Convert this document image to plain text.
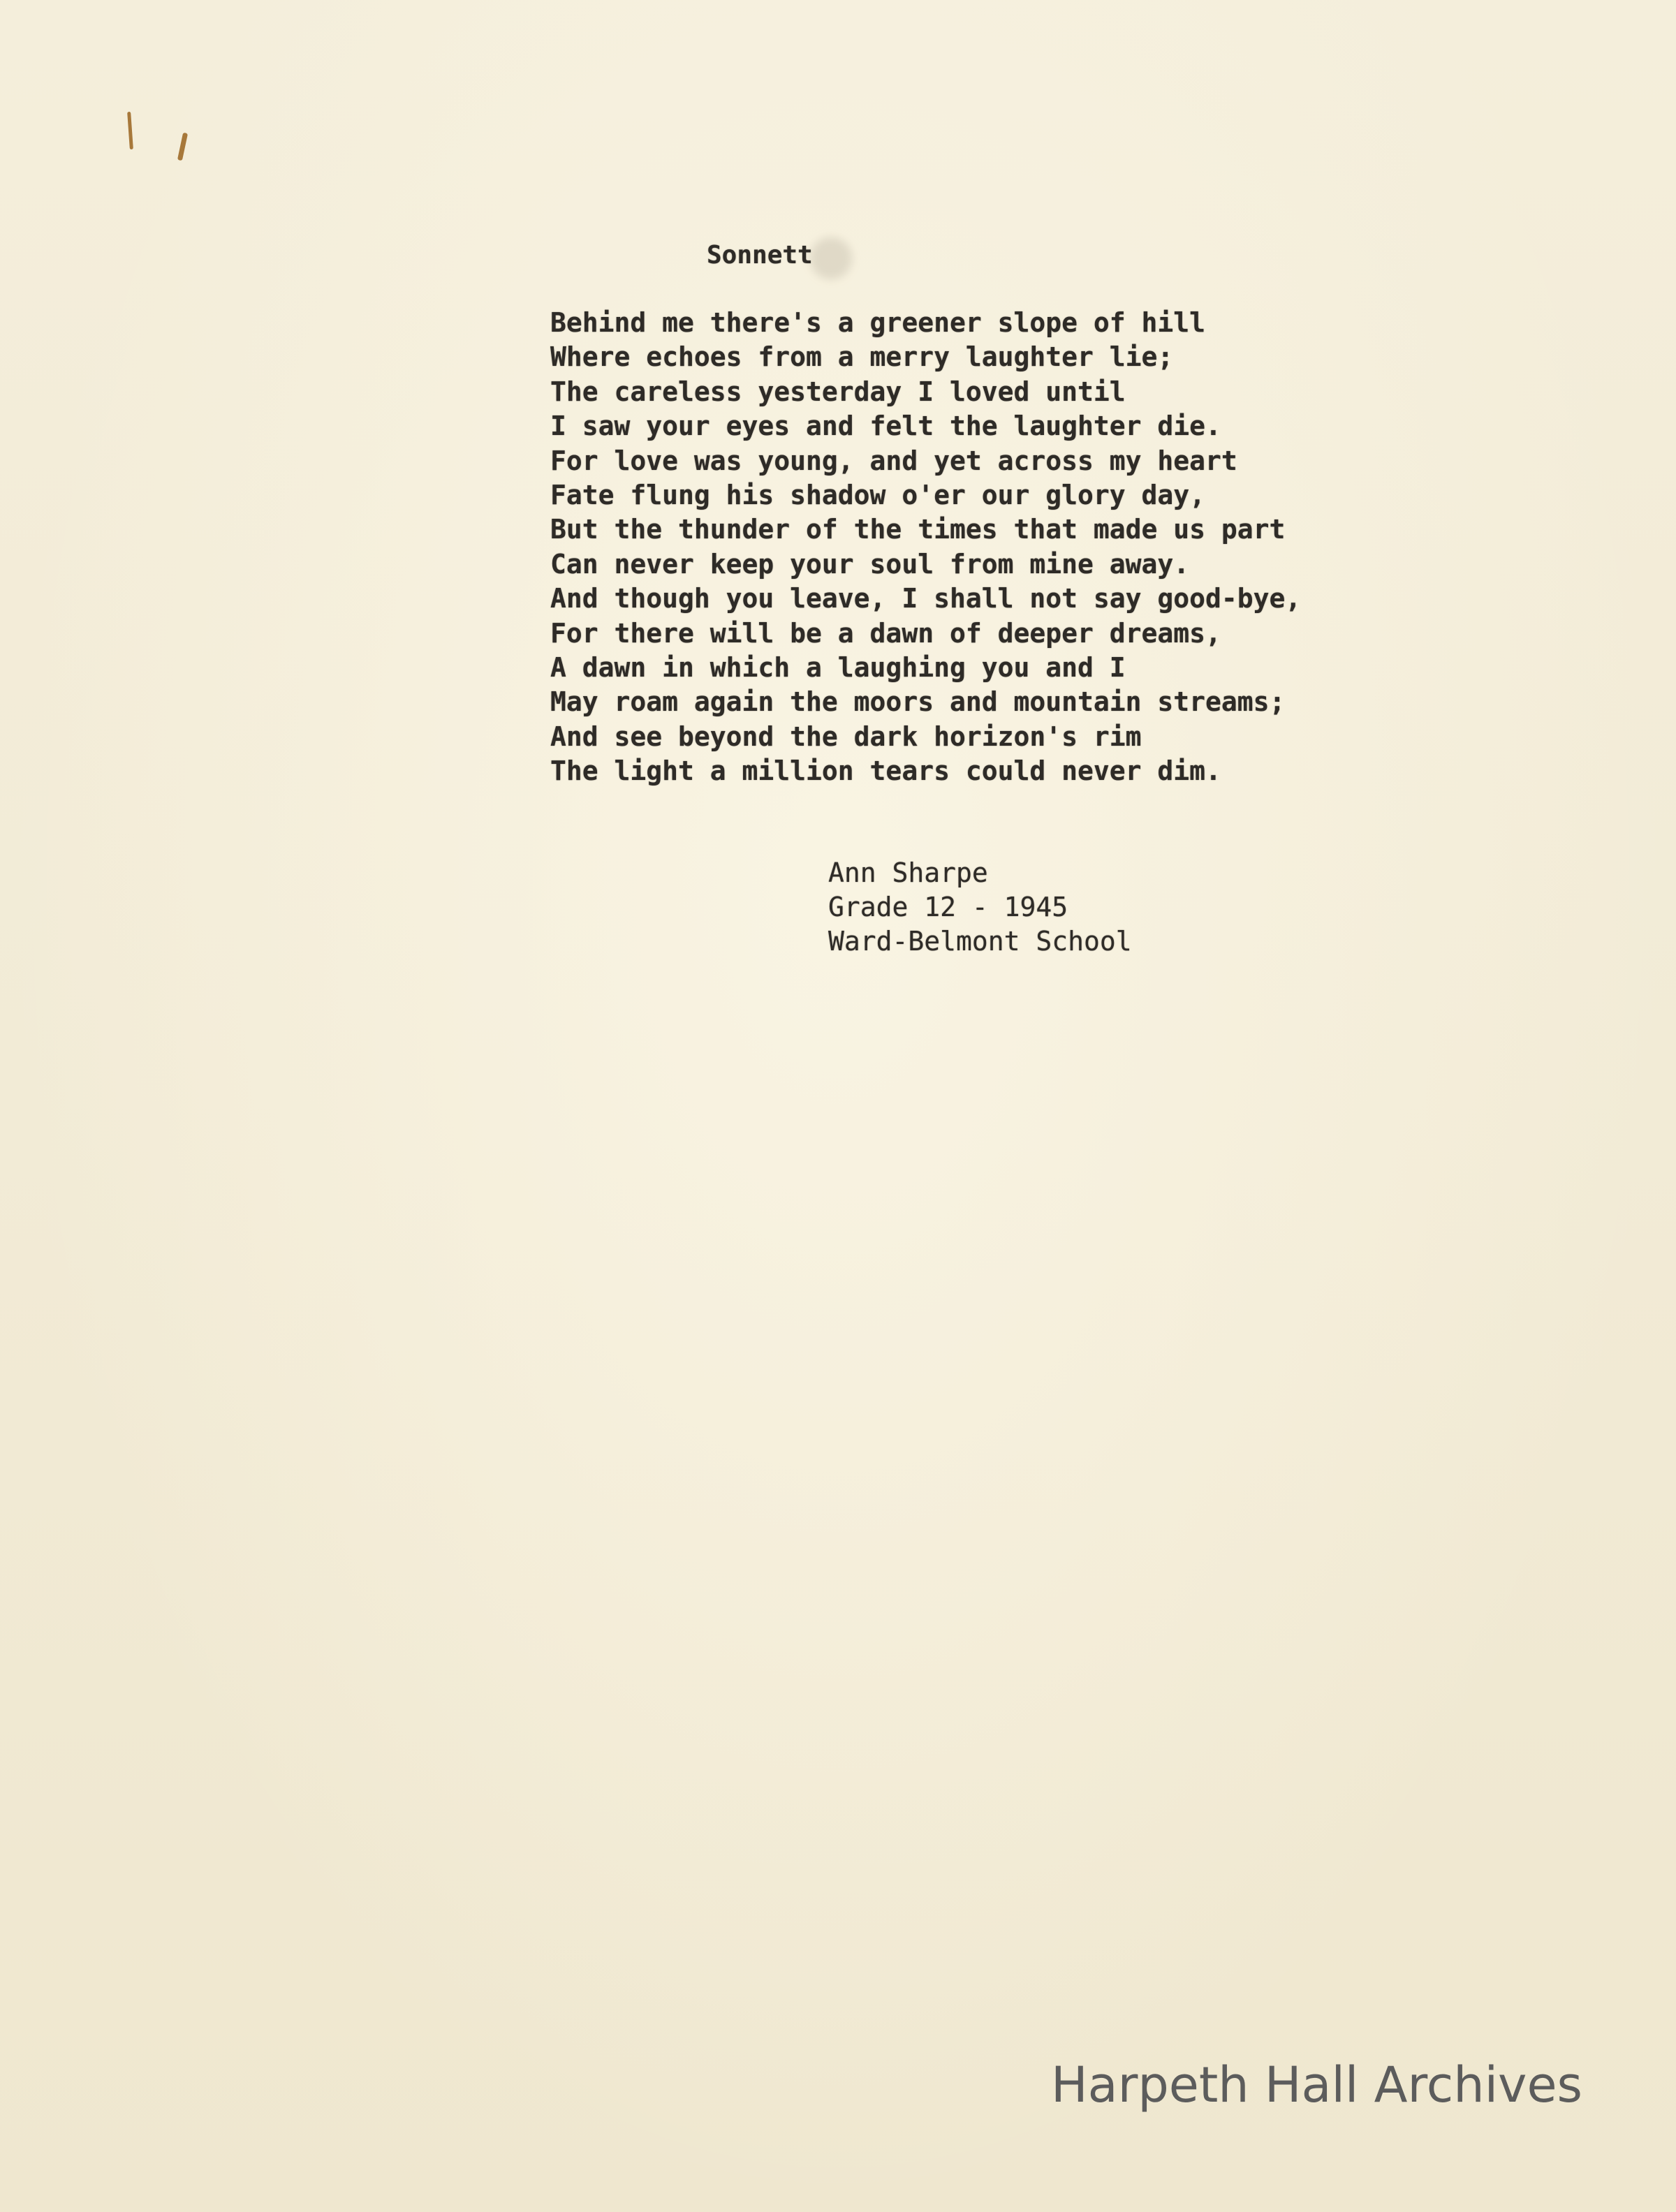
Sonnett
Behind me there's a greener slope of hill
Where echoes from a merry laughter lie;
The careless yesterday I loved until
I saw your eyes and felt the laughter die.
For love was young, and yet across my heart
Fate flung his shadow o'er our glory day,
But the thunder of the times that made us part
Can never keep your soul from mine away.
And though you leave, I shall not say good-bye,
For there will be a dawn of deeper dreams,
A dawn in which a laughing you and I
May roam again the moors and mountain streams;
And see beyond the dark horizon's rim
The light a million tears could never dim.
Ann Sharpe
Grade 12 - 1945
Ward-Belmont School
Harpeth Hall Archives
